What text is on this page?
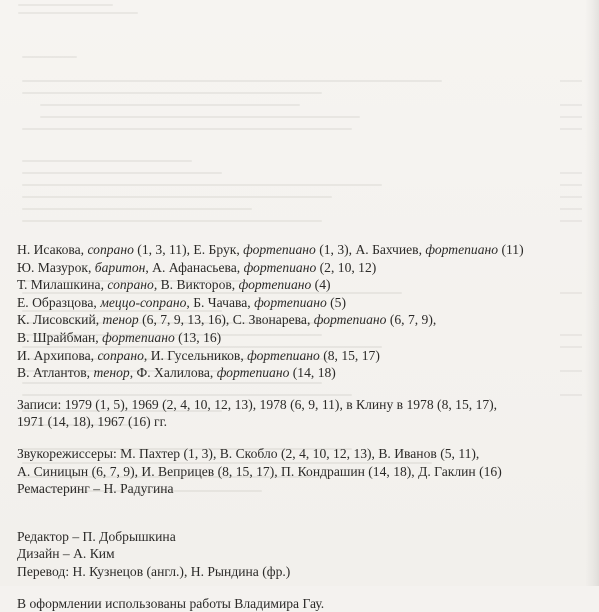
Н. Исакова, сопрано (1, 3, 11), Е. Брук, фортепиано (1, 3), А. Бахчиев, фортепиано (11)
Ю. Мазурок, баритон, А. Афанасьева, фортепиано (2, 10, 12)
Т. Милашкина, сопрано, В. Викторов, фортепиано (4)
Е. Образцова, меццо-сопрано, Б. Чачава, фортепиано (5)
К. Лисовский, тенор (6, 7, 9, 13, 16), С. Звонарева, фортепиано (6, 7, 9),
В. Шрайбман, фортепиано (13, 16)
И. Архипова, сопрано, И. Гусельников, фортепиано (8, 15, 17)
В. Атлантов, тенор, Ф. Халилова, фортепиано (14, 18)
Записи: 1979 (1, 5), 1969 (2, 4, 10, 12, 13), 1978 (6, 9, 11), в Клину в 1978 (8, 15, 17),
1971 (14, 18), 1967 (16) гг.
Звукорежиссеры: М. Пахтер (1, 3), В. Скобло (2, 4, 10, 12, 13), В. Иванов (5, 11),
А. Синицын (6, 7, 9), И. Веприцев (8, 15, 17), П. Кондрашин (14, 18), Д. Гаклин (16)
Ремастеринг – Н. Радугина
Редактор – П. Добрышкина
Дизайн – А. Ким
Перевод: Н. Кузнецов (англ.), Н. Рындина (фр.)
В оформлении использованы работы Владимира Гау.
